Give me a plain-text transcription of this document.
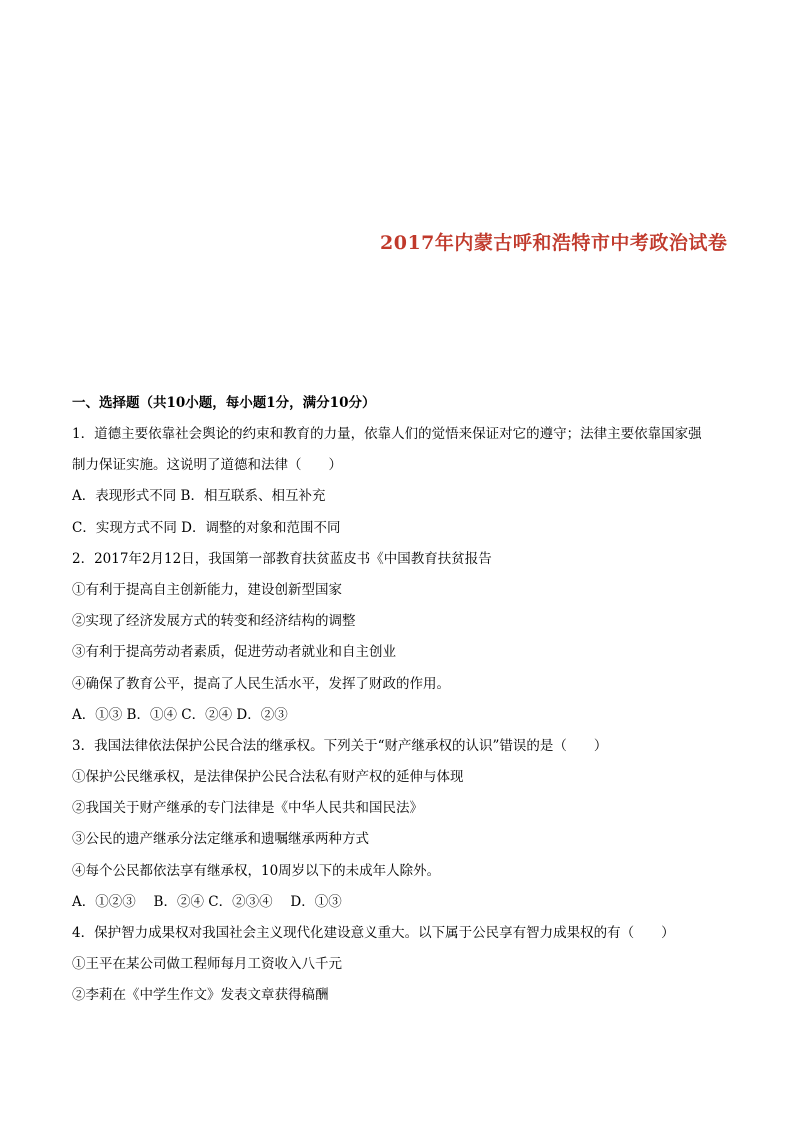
2017年内蒙古呼和浩特市中考政治试卷
一、选择题（共10小题，每小题1分，满分10分）
1．道德主要依靠社会舆论的约束和教育的力量，依靠人们的觉悟来保证对它的遵守；法律主要依靠国家强
制力保证实施。这说明了道德和法律（　　）
A．表现形式不同 B．相互联系、相互补充
C．实现方式不同 D．调整的对象和范围不同
2．2017年2月12日，我国第一部教育扶贫蓝皮书《中国教育扶贫报告
①有利于提高自主创新能力，建设创新型国家
②实现了经济发展方式的转变和经济结构的调整
③有利于提高劳动者素质，促进劳动者就业和自主创业
④确保了教育公平，提高了人民生活水平，发挥了财政的作用。
A．①③ B．①④ C．②④ D．②③
3．我国法律依法保护公民合法的继承权。下列关于“财产继承权的认识”错误的是（　　）
①保护公民继承权，是法律保护公民合法私有财产权的延伸与体现
②我国关于财产继承的专门法律是《中华人民共和国民法》
③公民的遗产继承分法定继承和遗嘱继承两种方式
④每个公民都依法享有继承权，10周岁以下的未成年人除外。
A．①②③　 B．②④ C．②③④　 D．①③
4．保护智力成果权对我国社会主义现代化建设意义重大。以下属于公民享有智力成果权的有（　　）
①王平在某公司做工程师每月工资收入八千元
②李莉在《中学生作文》发表文章获得稿酬
